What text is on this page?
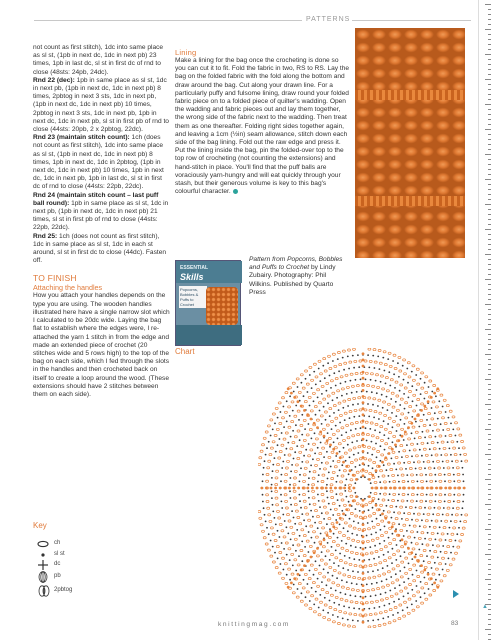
▲
PATTERNS

not count as first stitch), 1dc into same place as sl st, (1pb in next dc, 1dc in next pb) 23 times, 1pb in last dc, sl st in first dc of rnd to close (48sts: 24pb, 24dc).

Rnd 22 (dec): 1pb in same place as sl st, 1dc in next pb, (1pb in next dc, 1dc in next pb) 8 times, 2pbtog in next 3 sts, 1dc in next pb, (1pb in next dc, 1dc in next pb) 10 times, 2pbtog in next 3 sts, 1dc in next pb, 1pb in next dc, 1dc in next pb, sl st in first pb of rnd to close (44sts: 20pb, 2 x 2pbtog, 22dc).

Rnd 23 (maintain stitch count): 1ch (does not count as first stitch), 1dc into same place as sl st, (1pb in next dc, 1dc in next pb) 8 times, 1pb in next dc, 1dc in 2pbtog, (1pb in next dc, 1dc in next pb) 10 times, 1pb in next dc, 1dc in next pb, 1pb in last dc, sl st in first dc of rnd to close (44sts: 22pb, 22dc).

Rnd 24 (maintain stitch count – last puff ball round): 1pb in same place as sl st, 1dc in next pb, (1pb in next dc, 1dc in next pb) 21 times, sl st in first pb of rnd to close (44sts: 22pb, 22dc).

Rnd 25: 1ch (does not count as first stitch), 1dc in same place as sl st, 1dc in each st around, sl st in first dc to close (44dc). Fasten off.

TO FINISH
Attaching the handles

How you attach your handles depends on the type you are using. The wooden handles illustrated here have a single narrow slot which I calculated to be 20dc wide. Laying the bag flat to establish where the edges were, I re-attached the yarn 1 stitch in from the edge and made an extended piece of crochet (20 stitches wide and 5 rows high) to the top of the bag on each side, which I fed through the slots in the handles and then crocheted back on itself to create a loop around the wood. (These extensions should have 2 stitches between them on each side).

Lining

Make a lining for the bag once the crocheting is done so you can cut it to fit. Fold the fabric in two, RS to RS. Lay the bag on the folded fabric with the fold along the bottom and draw around the bag. Cut along your drawn line. For a particularly puffy and fulsome lining, draw round your folded fabric piece on to a folded piece of quilter's wadding. Open the wadding and fabric pieces out and lay them together, the wrong side of the fabric next to the wadding. Then treat them as one thereafter. Folding right sides together again, and leaving a 1cm (½in) seam allowance, stitch down each side of the bag lining. Fold out the raw edge and press it. Put the lining inside the bag, pin the folded-over top to the top row of crocheting (not counting the extensions) and hand-stitch in place. You'll find that the puff balls are voraciously yarn-hungry and will eat quickly through your stash, but their generous volume is key to this bag's colourful character.

ESSENTIAL
Skills
Popcorns, Bobbles & Puffs to Crochet
Pattern from Popcorns, Bobbles and Puffs to Crochet by Lindy Zubairy. Photography: Phil Wilkins. Published by Quarto Press
Chart
Key
ch
sl st
dc
pb
2pbtog
knittingmag.com	83
